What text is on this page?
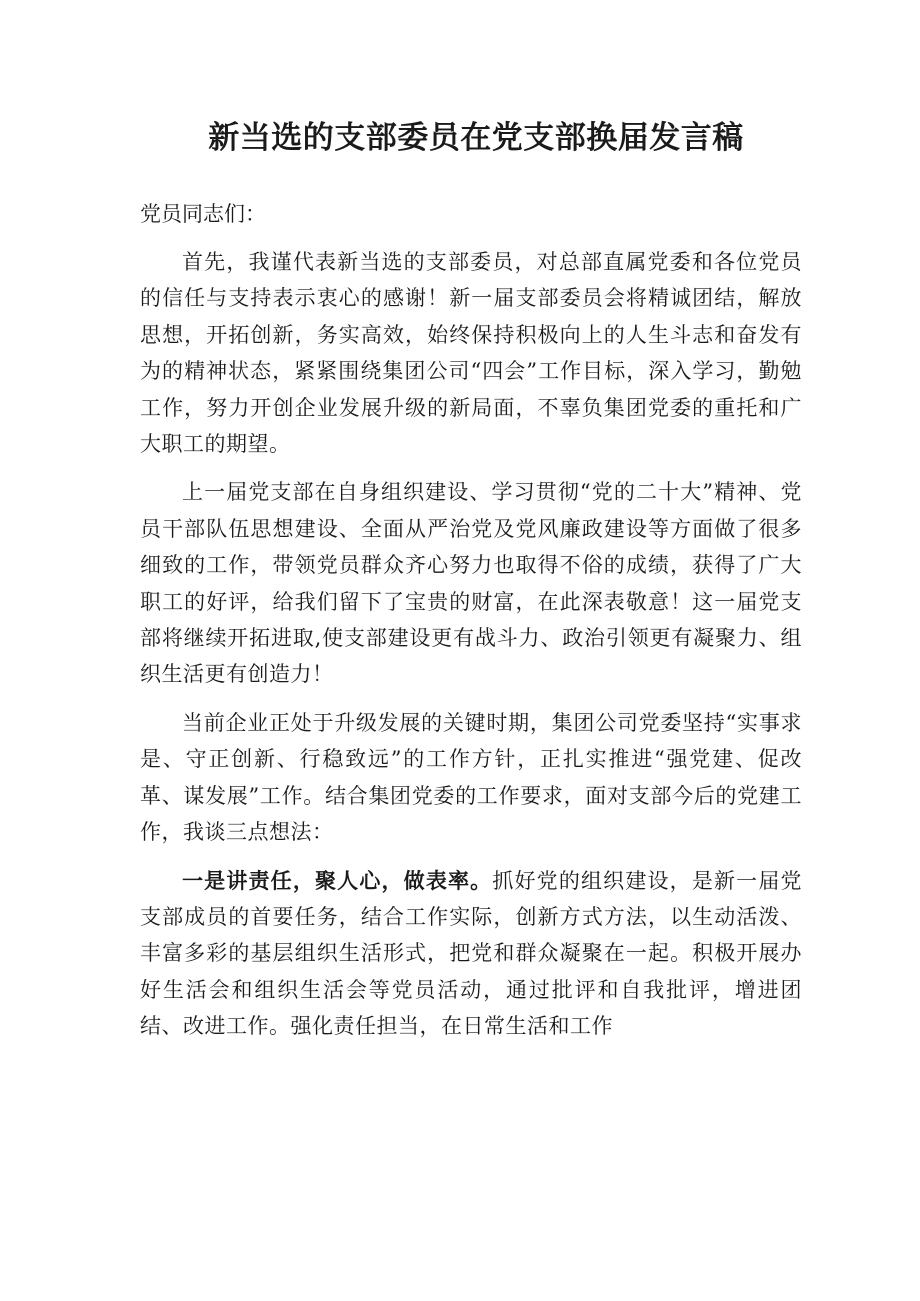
新当选的支部委员在党支部换届发言稿
党员同志们：

首先，我谨代表新当选的支部委员，对总部直属党委和各位党员的信任与支持表示衷心的感谢！新一届支部委员会将精诚团结，解放思想，开拓创新，务实高效，始终保持积极向上的人生斗志和奋发有为的精神状态，紧紧围绕集团公司“四会”工作目标，深入学习，勤勉工作，努力开创企业发展升级的新局面，不辜负集团党委的重托和广大职工的期望。

上一届党支部在自身组织建设、学习贯彻“党的二十大”精神、党员干部队伍思想建设、全面从严治党及党风廉政建设等方面做了很多细致的工作，带领党员群众齐心努力也取得不俗的成绩，获得了广大职工的好评，给我们留下了宝贵的财富，在此深表敬意！这一届党支部将继续开拓进取,使支部建设更有战斗力、政治引领更有凝聚力、组织生活更有创造力！

当前企业正处于升级发展的关键时期，集团公司党委坚持“实事求是、守正创新、行稳致远”的工作方针，正扎实推进“强党建、促改革、谋发展”工作。结合集团党委的工作要求，面对支部今后的党建工作，我谈三点想法：

一是讲责任，聚人心，做表率。抓好党的组织建设，是新一届党支部成员的首要任务，结合工作实际，创新方式方法，以生动活泼、丰富多彩的基层组织生活形式，把党和群众凝聚在一起。积极开展办好生活会和组织生活会等党员活动，通过批评和自我批评，增进团结、改进工作。强化责任担当，在日常生活和工作
